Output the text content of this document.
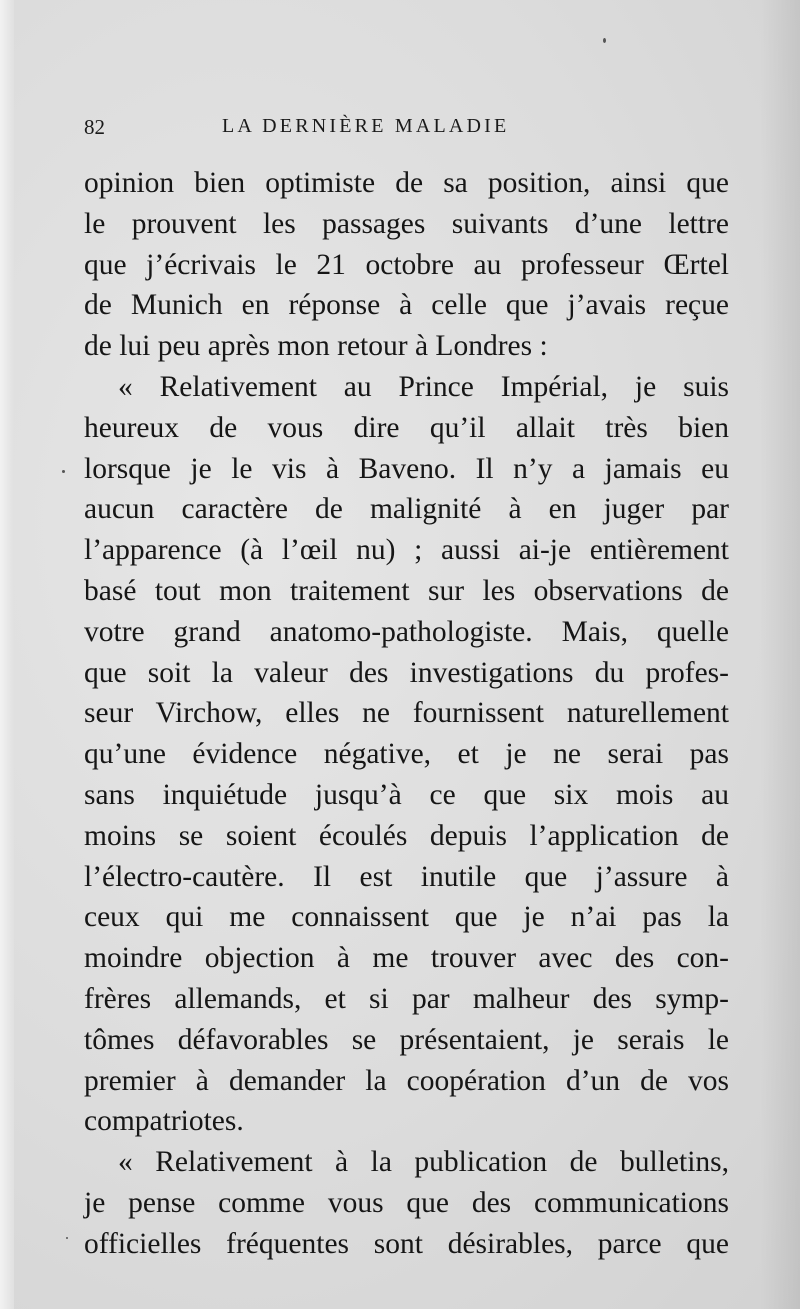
82	LA DERNIÈRE MALADIE
opinion bien optimiste de sa position, ainsi que
le prouvent les passages suivants d’une lettre
que j’écrivais le 21 octobre au professeur Œrtel
de Munich en réponse à celle que j’avais reçue
de lui peu après mon retour à Londres :
« Relativement au Prince Impérial, je suis
heureux de vous dire qu’il allait très bien
lorsque je le vis à Baveno. Il n’y a jamais eu
aucun caractère de malignité à en juger par
l’apparence (à l’œil nu) ; aussi ai-je entièrement
basé tout mon traitement sur les observations de
votre grand anatomo-pathologiste. Mais, quelle
que soit la valeur des investigations du profes-
seur Virchow, elles ne fournissent naturellement
qu’une évidence négative, et je ne serai pas
sans inquiétude jusqu’à ce que six mois au
moins se soient écoulés depuis l’application de
l’électro-cautère. Il est inutile que j’assure à
ceux qui me connaissent que je n’ai pas la
moindre objection à me trouver avec des con-
frères allemands, et si par malheur des symp-
tômes défavorables se présentaient, je serais le
premier à demander la coopération d’un de vos
compatriotes.
« Relativement à la publication de bulletins,
je pense comme vous que des communications
officielles fréquentes sont désirables, parce que
